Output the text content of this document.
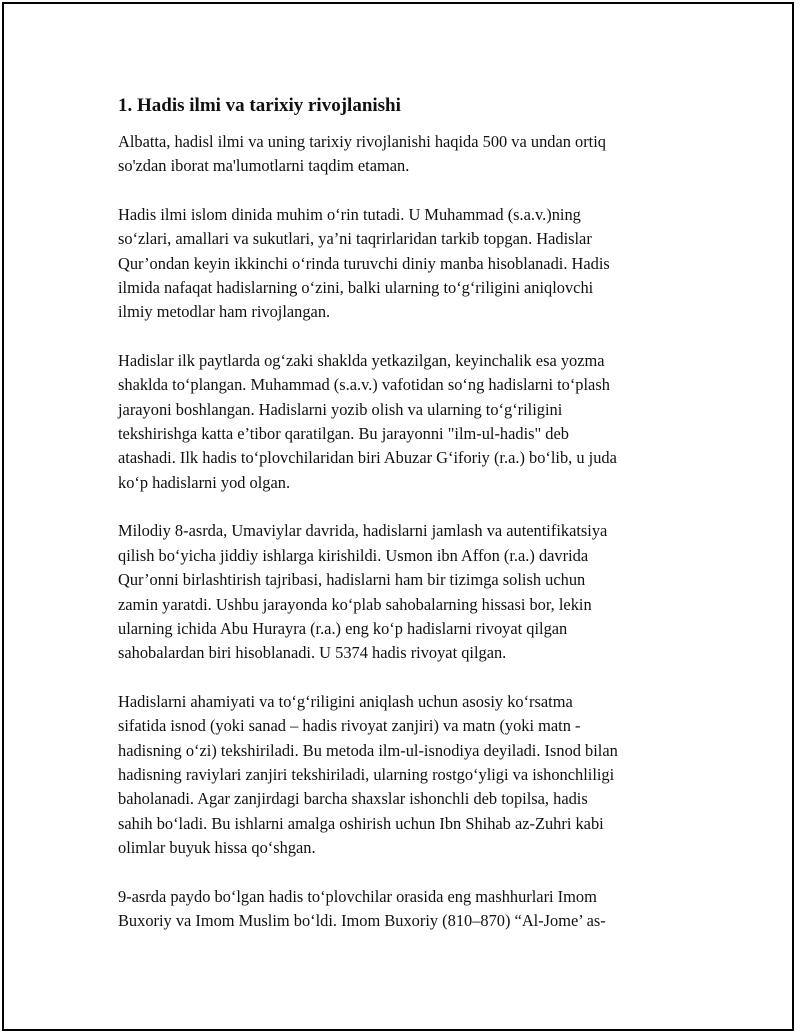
1. Hadis ilmi va tarixiy rivojlanishi
Albatta, hadisl ilmi va uning tarixiy rivojlanishi haqida 500 va undan ortiq
so'zdan iborat ma'lumotlarni taqdim etaman.
Hadis ilmi islom dinida muhim o‘rin tutadi. U Muhammad (s.a.v.)ning
so‘zlari, amallari va sukutlari, ya’ni taqrirlaridan tarkib topgan. Hadislar
Qur’ondan keyin ikkinchi o‘rinda turuvchi diniy manba hisoblanadi. Hadis
ilmida nafaqat hadislarning o‘zini, balki ularning to‘g‘riligini aniqlovchi
ilmiy metodlar ham rivojlangan.
Hadislar ilk paytlarda og‘zaki shaklda yetkazilgan, keyinchalik esa yozma
shaklda to‘plangan. Muhammad (s.a.v.) vafotidan so‘ng hadislarni to‘plash
jarayoni boshlangan. Hadislarni yozib olish va ularning to‘g‘riligini
tekshirishga katta e’tibor qaratilgan. Bu jarayonni "ilm-ul-hadis" deb
atashadi. Ilk hadis to‘plovchilaridan biri Abuzar G‘iforiy (r.a.) bo‘lib, u juda
ko‘p hadislarni yod olgan.
Milodiy 8-asrda, Umaviylar davrida, hadislarni jamlash va autentifikatsiya
qilish bo‘yicha jiddiy ishlarga kirishildi. Usmon ibn Affon (r.a.) davrida
Qur’onni birlashtirish tajribasi, hadislarni ham bir tizimga solish uchun
zamin yaratdi. Ushbu jarayonda ko‘plab sahobalarning hissasi bor, lekin
ularning ichida Abu Hurayra (r.a.) eng ko‘p hadislarni rivoyat qilgan
sahobalardan biri hisoblanadi. U 5374 hadis rivoyat qilgan.
Hadislarni ahamiyati va to‘g‘riligini aniqlash uchun asosiy ko‘rsatma
sifatida isnod (yoki sanad – hadis rivoyat zanjiri) va matn (yoki matn -
hadisning o‘zi) tekshiriladi. Bu metoda ilm-ul-isnodiya deyiladi. Isnod bilan
hadisning raviylari zanjiri tekshiriladi, ularning rostgo‘yligi va ishonchliligi
baholanadi. Agar zanjirdagi barcha shaxslar ishonchli deb topilsa, hadis
sahih bo‘ladi. Bu ishlarni amalga oshirish uchun Ibn Shihab az-Zuhri kabi
olimlar buyuk hissa qo‘shgan.
9-asrda paydo bo‘lgan hadis to‘plovchilar orasida eng mashhurlari Imom
Buxoriy va Imom Muslim bo‘ldi. Imom Buxoriy (810–870) “Al-Jome’ as-
